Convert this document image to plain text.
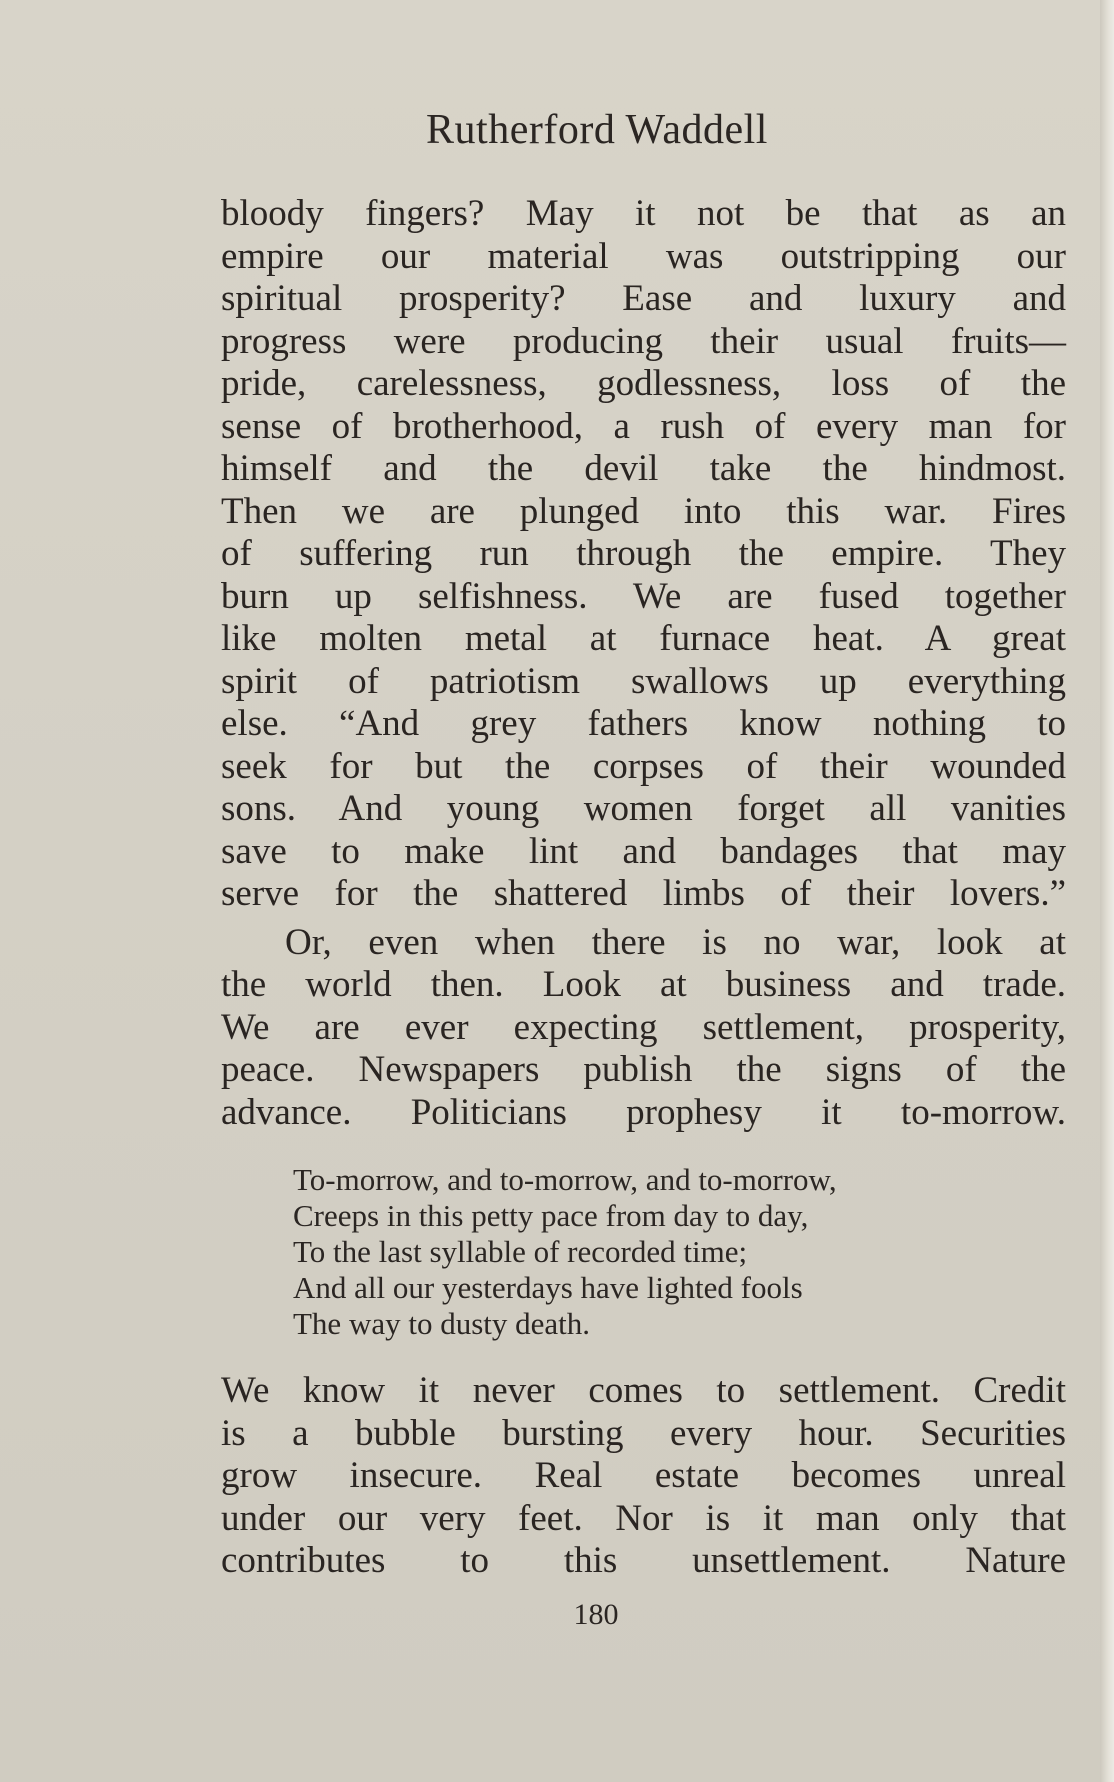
Rutherford Waddell

bloody fingers? May it not be that as an
empire our material was outstripping our
spiritual prosperity? Ease and luxury and
progress were producing their usual fruits—
pride, carelessness, godlessness, loss of the
sense of brotherhood, a rush of every man for
himself and the devil take the hindmost.
Then we are plunged into this war. Fires
of suffering run through the empire. They
burn up selfishness. We are fused together
like molten metal at furnace heat. A great
spirit of patriotism swallows up everything
else. “And grey fathers know nothing to
seek for but the corpses of their wounded
sons. And young women forget all vanities
save to make lint and bandages that may
serve for the shattered limbs of their lovers.”

Or, even when there is no war, look at
the world then. Look at business and trade.
We are ever expecting settlement, prosperity,
peace. Newspapers publish the signs of the
advance. Politicians prophesy it to-morrow.

To-morrow, and to-morrow, and to-morrow,
Creeps in this petty pace from day to day,
To the last syllable of recorded time;
And all our yesterdays have lighted fools
The way to dusty death.

We know it never comes to settlement. Credit
is a bubble bursting every hour. Securities
grow insecure. Real estate becomes unreal
under our very feet. Nor is it man only that
contributes to this unsettlement. Nature

180
